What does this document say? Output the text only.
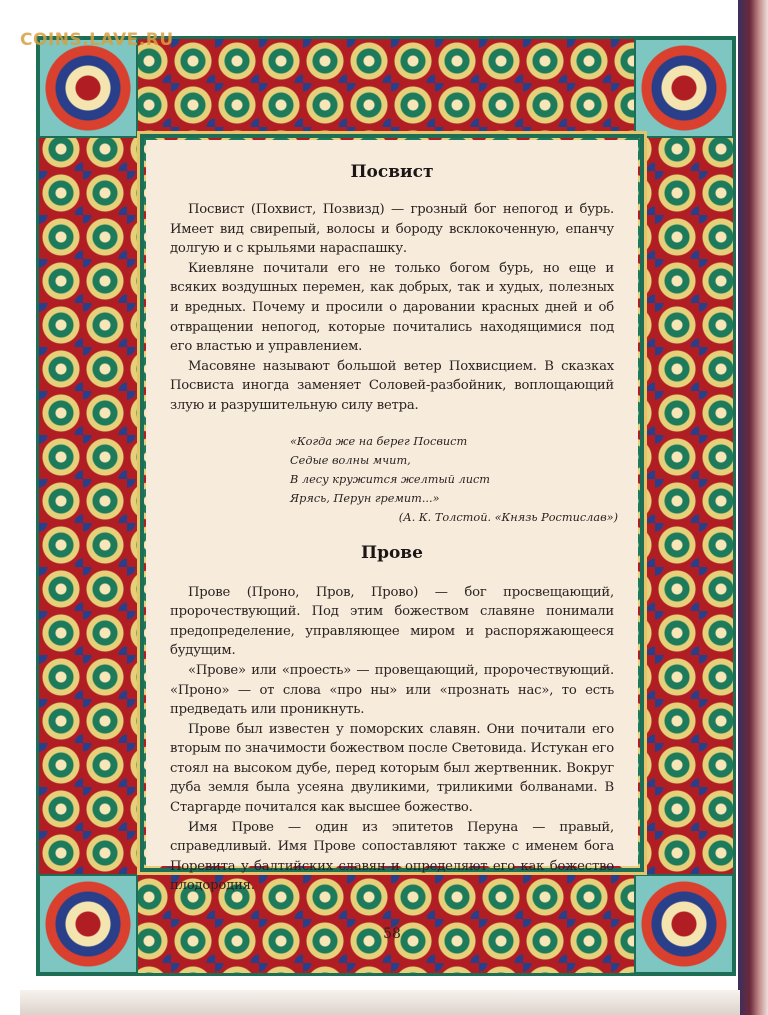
COINS.LAVE.RU
Посвист

Посвист (Похвист, Позвизд) — грозный бог непогод и бурь. Имеет вид свирепый, волосы и бороду всклокоченную, епанчу долгую и с крыльями нараспашку.

Киевляне почитали его не только богом бурь, но еще и всяких воздушных перемен, как добрых, так и худых, полезных и вредных. Почему и просили о даровании красных дней и об отвращении непогод, которые почитались находящимися под его властью и управлением.

Масовяне называют большой ветер Похвисцием. В сказках Посвиста иногда заменяет Соловей-разбойник, воплощающий злую и разрушительную силу ветра.

«Когда же на берег Посвист
Седые волны мчит,
В лесу кружится желтый лист
Ярясь, Перун гремит...»
(А. К. Толстой. «Князь Ростислав»)
Прове

Прове (Проно, Пров, Прово) — бог просвещающий, пророчествующий. Под этим божеством славяне понимали предопределение, управляющее миром и распоряжающееся будущим.

«Прове» или «проесть» — провещающий, пророчествующий. «Проно» — от слова «про ны» или «прознать нас», то есть предведать или проникнуть.

Прове был известен у поморских славян. Они почитали его вторым по значимости божеством после Световида. Истукан его стоял на высоком дубе, перед которым был жертвенник. Вокруг дуба земля была усеяна двуликими, триликими болванами. В Старгарде почитался как высшее божество.

Имя Прове — один из эпитетов Перуна — правый, справедливый. Имя Прове сопоставляют также с именем бога Поревита у балтийских славян и определяют его как божество плодородия.

58
